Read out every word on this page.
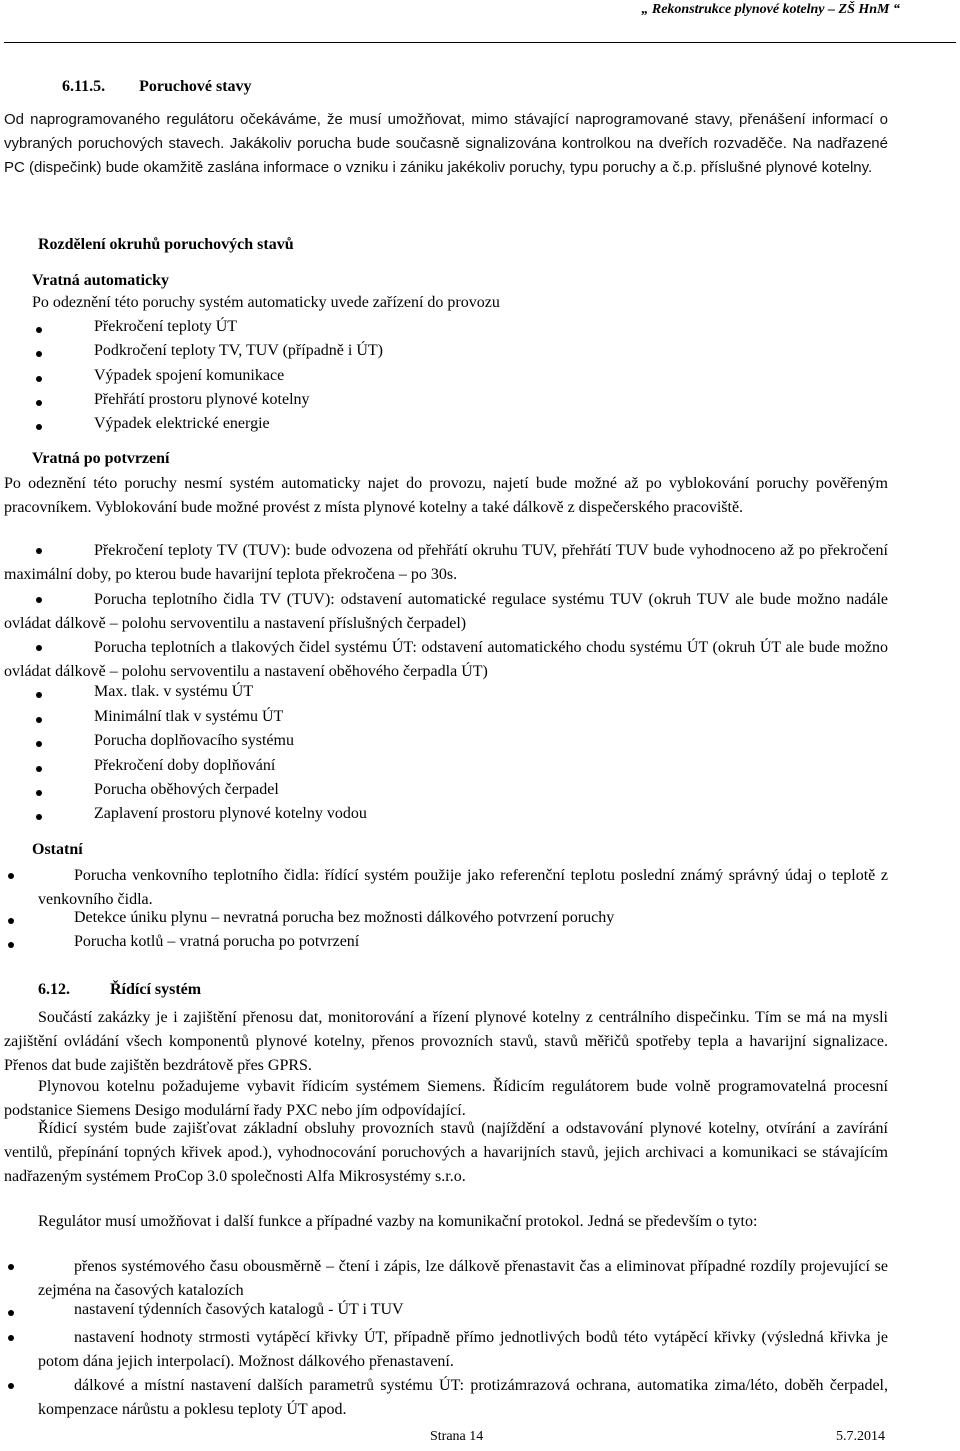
„ Rekonstrukce plynové kotelny – ZŠ HnM “
6.11.5. Poruchové stavy
Od naprogramovaného regulátoru očekáváme, že musí umožňovat, mimo stávající naprogramované stavy, přenášení informací o vybraných poruchových stavech. Jakákoliv porucha bude současně signalizována kontrolkou na dveřích rozvaděče. Na nadřazené PC (dispečink) bude okamžitě zaslána informace o vzniku i zániku jakékoliv poruchy, typu poruchy a č.p. příslušné plynové kotelny.
Rozdělení okruhů poruchových stavů
Vratná automaticky
Po odeznění této poruchy systém automaticky uvede zařízení do provozu
Překročení teploty ÚT
Podkročení teploty TV, TUV (případně i ÚT)
Výpadek spojení komunikace
Přehřátí prostoru plynové kotelny
Výpadek elektrické energie
Vratná po potvrzení
Po odeznění této poruchy nesmí systém automaticky najet do provozu, najetí bude možné až po vyblokování poruchy pověřeným pracovníkem. Vyblokování bude možné provést z místa plynové kotelny a také dálkově z dispečerského pracoviště.
Překročení teploty TV (TUV): bude odvozena od přehřátí okruhu TUV, přehřátí TUV bude vyhodnoceno až po překročení maximální doby, po kterou bude havarijní teplota překročena – po 30s.
Porucha teplotního čidla TV (TUV): odstavení automatické regulace systému TUV (okruh TUV ale bude možno nadále ovládat dálkově – polohu servoventilu a nastavení příslušných čerpadel)
Porucha teplotních a tlakových čidel systému ÚT: odstavení automatického chodu systému ÚT (okruh ÚT ale bude možno ovládat dálkově – polohu servoventilu a nastavení oběhového čerpadla ÚT)
Max. tlak. v systému ÚT
Minimální tlak v systému ÚT
Porucha doplňovacího systému
Překročení doby doplňování
Porucha oběhových čerpadel
Zaplavení prostoru plynové kotelny vodou
Ostatní
Porucha venkovního teplotního čidla: řídící systém použije jako referenční teplotu poslední známý správný údaj o teplotě z venkovního čidla.
Detekce úniku plynu – nevratná porucha bez možnosti dálkového potvrzení poruchy
Porucha kotlů – vratná porucha po potvrzení
6.12.	Řídící systém
Součástí zakázky je i zajištění přenosu dat, monitorování a řízení plynové kotelny z centrálního dispečinku. Tím se má na mysli zajištění ovládání všech komponentů plynové kotelny, přenos provozních stavů, stavů měřičů spotřeby tepla a havarijní signalizace. Přenos dat bude zajištěn bezdrátově přes GPRS.
Plynovou kotelnu požadujeme vybavit řídicím systémem Siemens. Řídicím regulátorem bude volně programovatelná procesní podstanice Siemens Desigo modulární řady PXC nebo jím odpovídající.
Řídicí systém bude zajišťovat základní obsluhy provozních stavů (najíždění a odstavování plynové kotelny, otvírání a zavírání ventilů, přepínání topných křivek apod.), vyhodnocování poruchových a havarijních stavů, jejich archivaci a komunikaci se stávajícím nadřazeným systémem ProCop 3.0 společnosti Alfa Mikrosystémy s.r.o.
Regulátor musí umožňovat i další funkce a případné vazby na komunikační protokol. Jedná se především o tyto:
přenos systémového času obousměrně – čtení i zápis, lze dálkově přenastavit čas a eliminovat případné rozdíly projevující se zejména na časových katalozích
nastavení týdenních časových katalogů - ÚT i TUV
nastavení hodnoty strmosti vytápěcí křivky ÚT, případně přímo jednotlivých bodů této vytápěcí křivky (výsledná křivka je potom dána jejich interpolací). Možnost dálkového přenastavení.
dálkové a místní nastavení dalších parametrů systému ÚT: protizámrazová ochrana, automatika zima/léto, doběh čerpadel, kompenzace nárůstu a poklesu teploty ÚT apod.
Strana 14	5.7.2014
